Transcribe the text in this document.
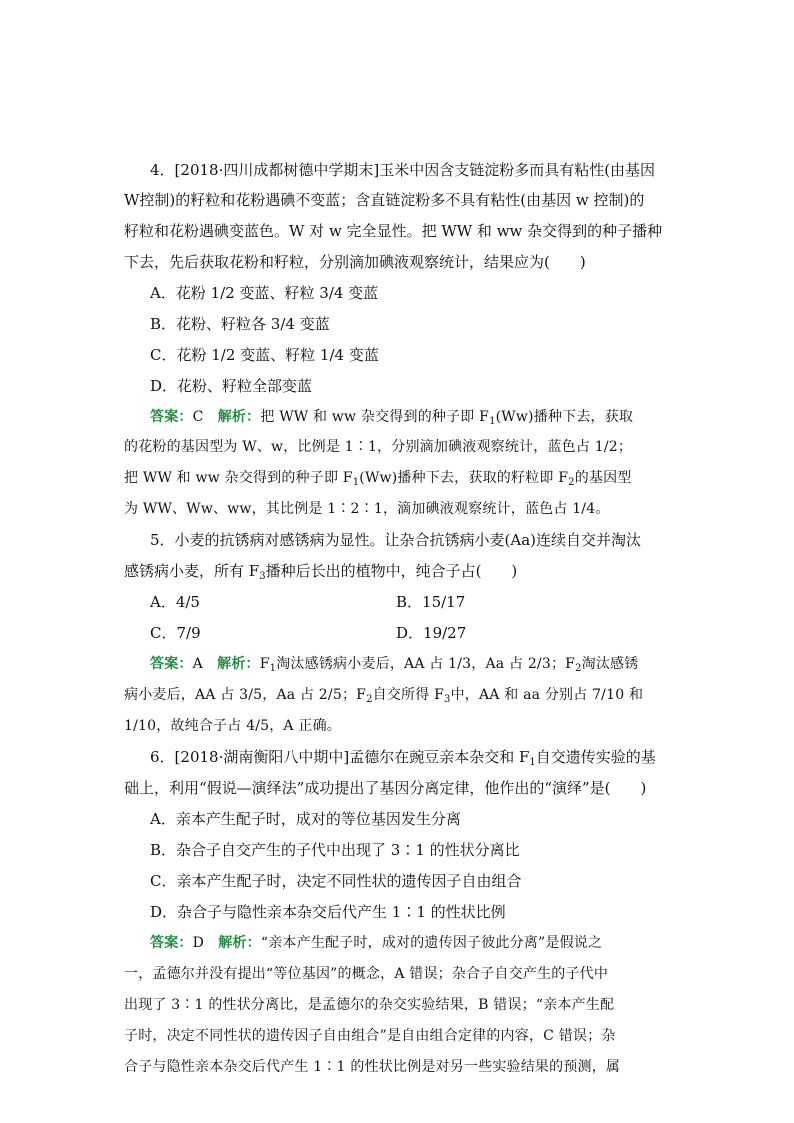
4．[2018·四川成都树德中学期末]玉米中因含支链淀粉多而具有粘性(由基因
W控制)的籽粒和花粉遇碘不变蓝；含直链淀粉多不具有粘性(由基因 w 控制)的
籽粒和花粉遇碘变蓝色。W 对 w 完全显性。把 WW 和 ww 杂交得到的种子播种
下去，先后获取花粉和籽粒，分别滴加碘液观察统计，结果应为(　　)
A．花粉 1/2 变蓝、籽粒 3/4 变蓝
B．花粉、籽粒各 3/4 变蓝
C．花粉 1/2 变蓝、籽粒 1/4 变蓝
D．花粉、籽粒全部变蓝
答案：C　 解析：把 WW 和 ww 杂交得到的种子即 $F_1(Ww)$播种下去，获取
的花粉的基因型为 W、w，比例是 1∶1，分别滴加碘液观察统计，蓝色占 1/2；
把 WW 和 ww 杂交得到的种子即 $F_1(Ww)$播种下去，获取的籽粒即 $F_2$的基因型
为 WW、Ww、ww，其比例是 1∶2∶1，滴加碘液观察统计，蓝色占 1/4。
5．小麦的抗锈病对感锈病为显性。让杂合抗锈病小麦(Aa)连续自交并淘汰
感锈病小麦，所有 $F_3$播种后长出的植物中，纯合子占(　　)
A．4/5	B．15/17
C．7/9	D．19/27
答案：A　 解析：$F_1$淘汰感锈病小麦后，AA 占 1/3，Aa 占 2/3；$F_2$淘汰感锈
病小麦后，AA 占 3/5，Aa 占 2/5；$F_2$自交所得 $F_3$中，AA 和 aa 分别占 7/10 和
1/10，故纯合子占 4/5，A 正确。
6．[2018·湖南衡阳八中期中]孟德尔在豌豆亲本杂交和 $F_1$自交遗传实验的基
础上，利用“假说—演绎法”成功提出了基因分离定律，他作出的“演绎”是(　　)
A．亲本产生配子时，成对的等位基因发生分离
B．杂合子自交产生的子代中出现了 3∶1 的性状分离比
C．亲本产生配子时，决定不同性状的遗传因子自由组合
D．杂合子与隐性亲本杂交后代产生 1∶1 的性状比例
答案：D　 解析：“亲本产生配子时，成对的遗传因子彼此分离”是假说之
一，孟德尔并没有提出“等位基因”的概念，A 错误；杂合子自交产生的子代中
出现了 3∶1 的性状分离比，是孟德尔的杂交实验结果，B 错误；“亲本产生配
子时，决定不同性状的遗传因子自由组合”是自由组合定律的内容，C 错误；杂
合子与隐性亲本杂交后代产生 1∶1 的性状比例是对另一些实验结果的预测，属
